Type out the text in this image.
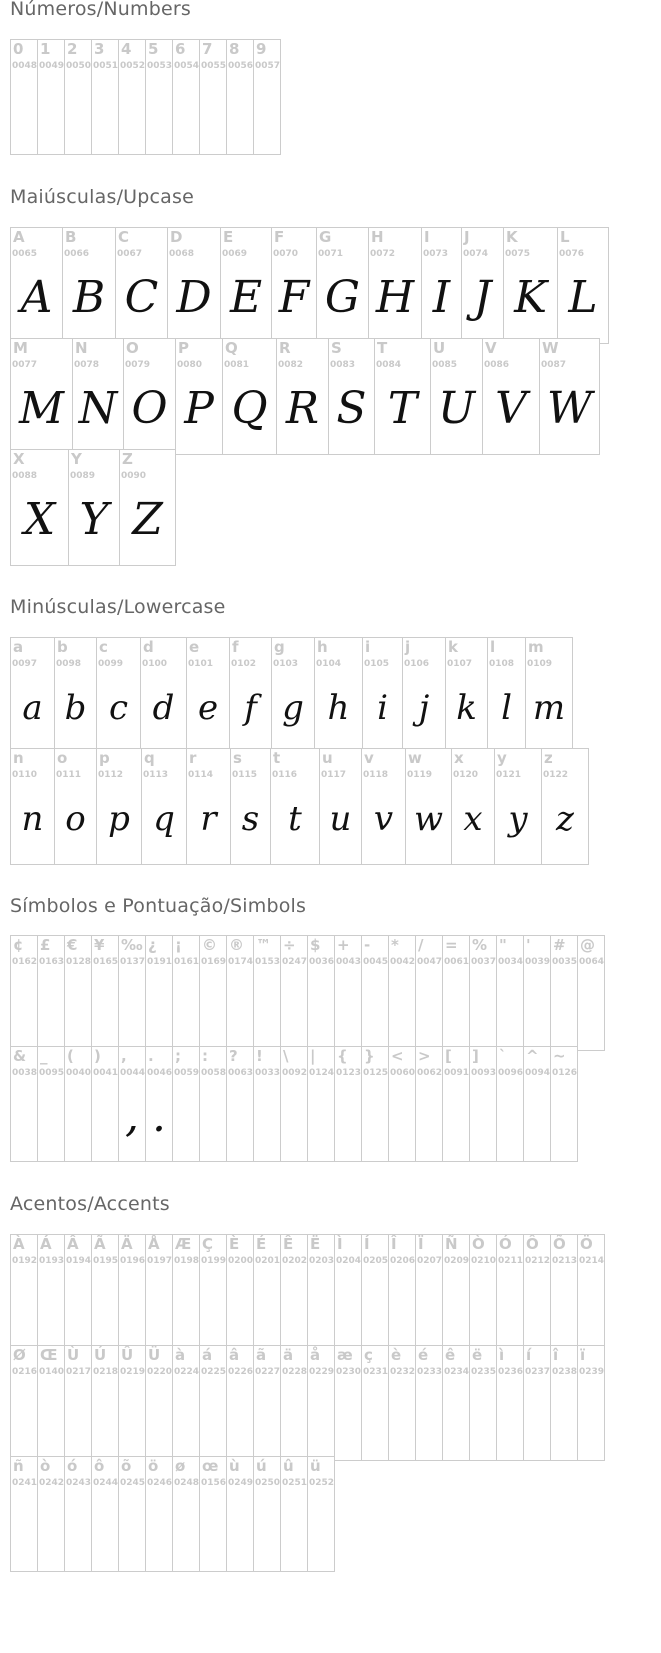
Números/Numbers
0
0048
1
0049
2
0050
3
0051
4
0052
5
0053
6
0054
7
0055
8
0056
9
0057
Maiúsculas/Upcase
A
0065
A
B
0066
B
C
0067
C
D
0068
D
E
0069
E
F
0070
F
G
0071
G
H
0072
H
I
0073
I
J
0074
J
K
0075
K
L
0076
L
M
0077
M
N
0078
N
O
0079
O
P
0080
P
Q
0081
Q
R
0082
R
S
0083
S
T
0084
T
U
0085
U
V
0086
V
W
0087
W
X
0088
X
Y
0089
Y
Z
0090
Z
Minúsculas/Lowercase
a
0097
a
b
0098
b
c
0099
c
d
0100
d
e
0101
e
f
0102
f
g
0103
g
h
0104
h
i
0105
i
j
0106
j
k
0107
k
l
0108
l
m
0109
m
n
0110
n
o
0111
o
p
0112
p
q
0113
q
r
0114
r
s
0115
s
t
0116
t
u
0117
u
v
0118
v
w
0119
w
x
0120
x
y
0121
y
z
0122
z
Símbolos e Pontuação/Simbols
¢
0162
£
0163
€
0128
¥
0165
‰
0137
¿
0191
¡
0161
©
0169
®
0174
™
0153
÷
0247
$
0036
+
0043
-
0045
*
0042
/
0047
=
0061
%
0037
"
0034
'
0039
#
0035
@
0064
&
0038
_
0095
(
0040
)
0041
,
0044
,
.
0046
.
;
0059
:
0058
?
0063
!
0033
\
0092
|
0124
{
0123
}
0125
<
0060
>
0062
[
0091
]
0093
`
0096
^
0094
~
0126
Acentos/Accents
À
0192
Á
0193
Â
0194
Ã
0195
Ä
0196
Å
0197
Æ
0198
Ç
0199
È
0200
É
0201
Ê
0202
Ë
0203
Ì
0204
Í
0205
Î
0206
Ï
0207
Ñ
0209
Ò
0210
Ó
0211
Ô
0212
Õ
0213
Ö
0214
Ø
0216
Œ
0140
Ù
0217
Ú
0218
Û
0219
Ü
0220
à
0224
á
0225
â
0226
ã
0227
ä
0228
å
0229
æ
0230
ç
0231
è
0232
é
0233
ê
0234
ë
0235
ì
0236
í
0237
î
0238
ï
0239
ñ
0241
ò
0242
ó
0243
ô
0244
õ
0245
ö
0246
ø
0248
œ
0156
ù
0249
ú
0250
û
0251
ü
0252
